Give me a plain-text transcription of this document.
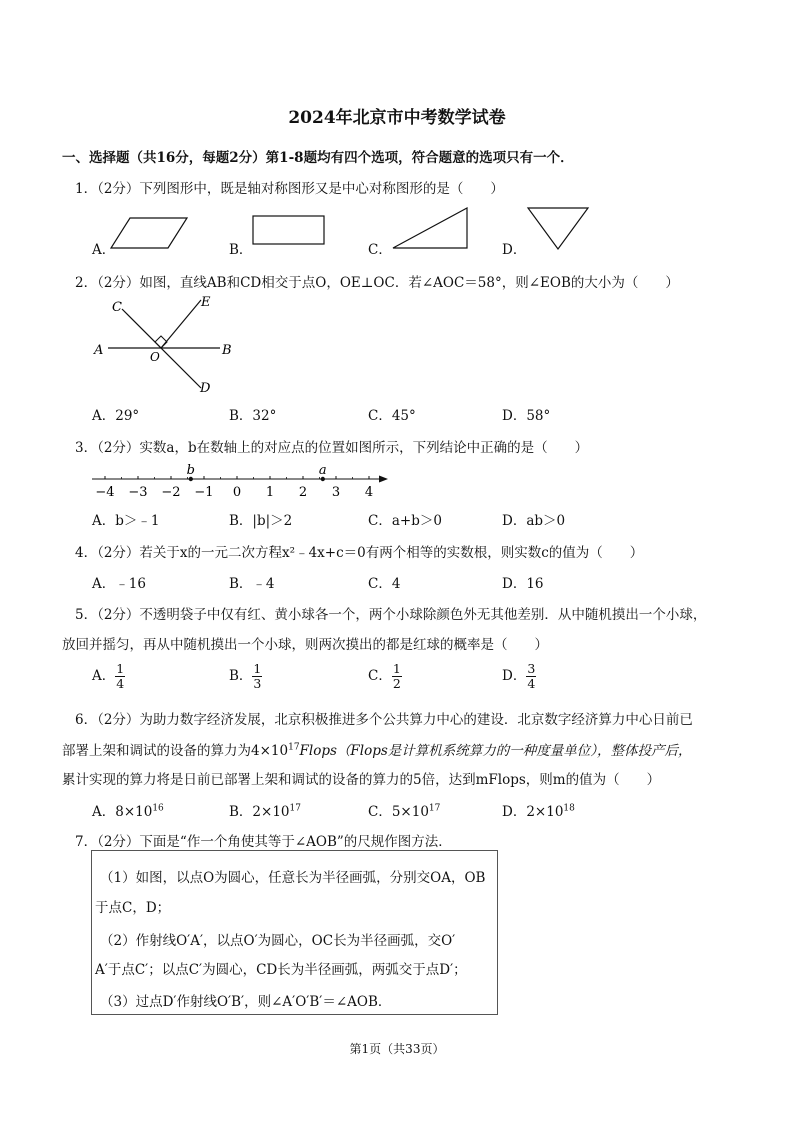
2024年北京市中考数学试卷
一、选择题（共16分，每题2分）第1-8题均有四个选项，符合题意的选项只有一个．
1．（2分）下列图形中，既是轴对称图形又是中心对称图形的是（　　）
A．	B．	C．	D．
2．（2分）如图，直线AB和CD相交于点O，OE⊥OC．若∠AOC＝58°，则∠EOB的大小为（　　）
C	E
A	B
O
D
A．29°	B．32°	C．45°	D．58°
3．（2分）实数a，b在数轴上的对应点的位置如图所示，下列结论中正确的是（　　）
−4 −3 −2 −1 0 1 2 3 4
b	a
A．b＞﹣1	B．|b|＞2	C．a+b＞0	D．ab＞0
4．（2分）若关于x的一元二次方程x²﹣4x+c＝0有两个相等的实数根，则实数c的值为（　　）
A．﹣16	B．﹣4	C．4	D．16
5．（2分）不透明袋子中仅有红、黄小球各一个，两个小球除颜色外无其他差别．从中随机摸出一个小球，
放回并摇匀，再从中随机摸出一个小球，则两次摸出的都是红球的概率是（　　）
A． $\frac{1}{4}$	B． $\frac{1}{3}$	C． $\frac{1}{2}$	D． $\frac{3}{4}$
6．（2分）为助力数字经济发展，北京积极推进多个公共算力中心的建设．北京数字经济算力中心日前已
部署上架和调试的设备的算力为$4\times 10^{17}Flops(Flops$是计算机系统算力的一种度量单位），整体投产后，
累计实现的算力将是日前已部署上架和调试的设备的算力的5倍，达到mFlops，则m的值为（　　）
A．$8\times 10^{16}$	B．$2\times 10^{17}$	C．$5\times 10^{17}$	D．$2\times 10^{18}$
7．（2分）下面是“作一个角使其等于∠AOB”的尺规作图方法．
（1）如图，以点O为圆心，任意长为半径画弧，分别交OA，OB
于点C，D；
（2）作射线O′A′，以点O′为圆心，OC长为半径画弧，交O′
A′于点C′；以点C′为圆心，CD长为半径画弧，两弧交于点D′；
（3）过点D′作射线O′B′，则∠A′O′B′＝∠AOB．
第1页（共33页）
